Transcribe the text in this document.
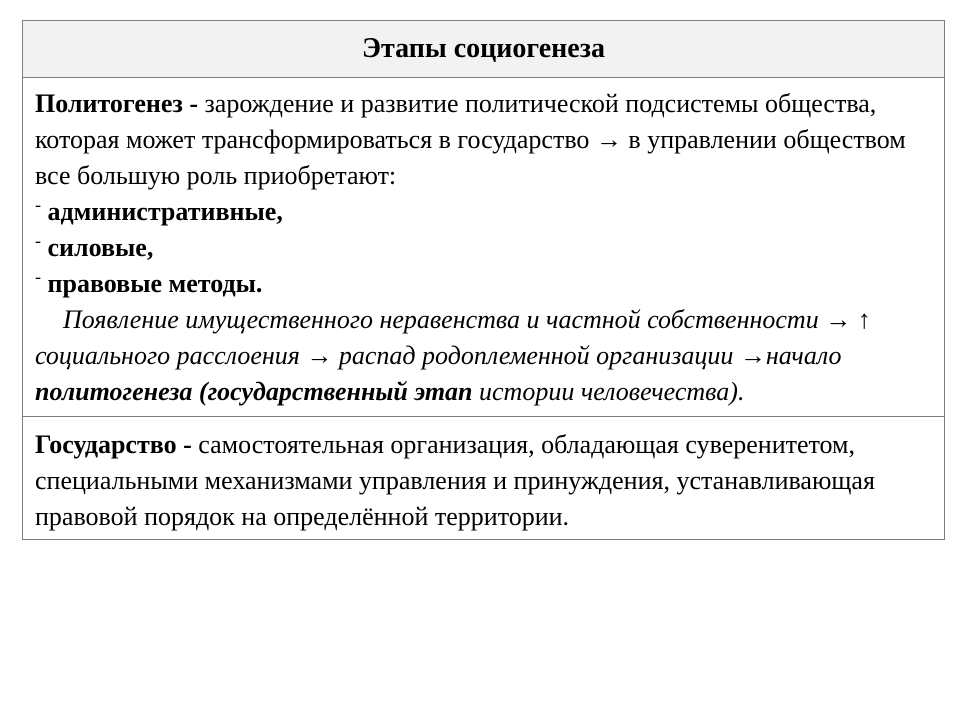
Этапы социогенеза

Политогенез - зарождение и развитие политической подсистемы общества, которая может трансформироваться в государство → в управлении обществом все большую роль приобретают:

- административные,

- силовые,

- правовые методы.

Появление имущественного неравенства и частной собственности → ↑ социального расслоения → распад родоплеменной организации →начало политогенеза (государственный этап истории человечества).

Государство - самостоятельная организация, обладающая суверенитетом, специальными механизмами управления и принуждения, устанавливающая правовой порядок на определённой территории.
